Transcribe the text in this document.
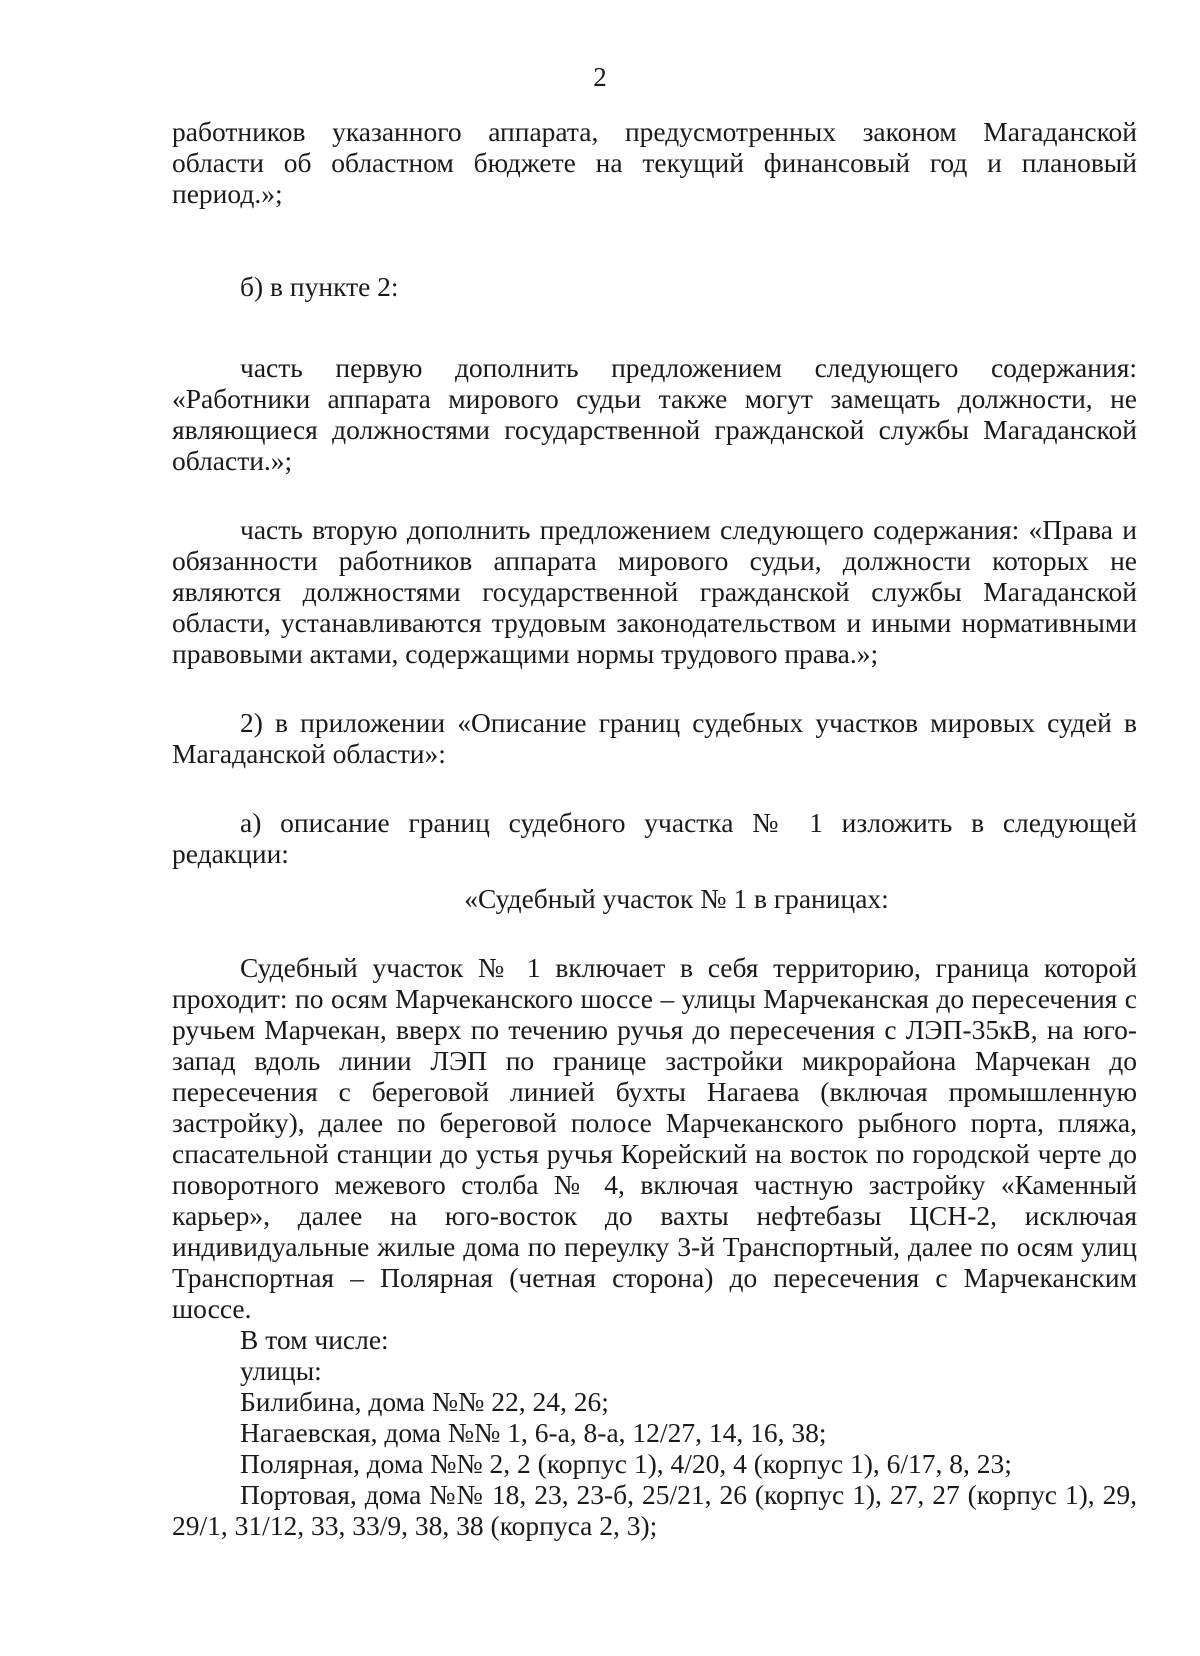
2

работников указанного аппарата, предусмотренных законом Магаданской области об областном бюджете на текущий финансовый год и плановый период.»;

б) в пункте 2:

часть первую дополнить предложением следующего содержания: «Работники аппарата мирового судьи также могут замещать должности, не являющиеся должностями государственной гражданской службы Магаданской области.»;

часть вторую дополнить предложением следующего содержания: «Права и обязанности работников аппарата мирового судьи, должности которых не являются должностями государственной гражданской службы Магаданской области, устанавливаются трудовым законодательством и иными нормативными правовыми актами, содержащими нормы трудового права.»;

2) в приложении «Описание границ судебных участков мировых судей в Магаданской области»:

а) описание границ судебного участка № 1 изложить в следующей редакции:

«Судебный участок № 1 в границах:

Судебный участок № 1 включает в себя территорию, граница которой проходит: по осям Марчеканского шоссе – улицы Марчеканская до пересечения с ручьем Марчекан, вверх по течению ручья до пересечения с ЛЭП-35кВ, на юго-запад вдоль линии ЛЭП по границе застройки микрорайона Марчекан до пересечения с береговой линией бухты Нагаева (включая промышленную застройку), далее по береговой полосе Марчеканского рыбного порта, пляжа, спасательной станции до устья ручья Корейский на восток по городской черте до поворотного межевого столба № 4, включая частную застройку «Каменный карьер», далее на юго-восток до вахты нефтебазы ЦСН-2, исключая индивидуальные жилые дома по переулку 3-й Транспортный, далее по осям улиц Транспортная – Полярная (четная сторона) до пересечения с Марчеканским шоссе.

В том числе:

улицы:

Билибина, дома №№ 22, 24, 26;

Нагаевская, дома №№ 1, 6-а, 8-а, 12/27, 14, 16, 38;

Полярная, дома №№ 2, 2 (корпус 1), 4/20, 4 (корпус 1), 6/17, 8, 23;

Портовая, дома №№ 18, 23, 23-б, 25/21, 26 (корпус 1), 27, 27 (корпус 1), 29, 29/1, 31/12, 33, 33/9, 38, 38 (корпуса 2, 3);
